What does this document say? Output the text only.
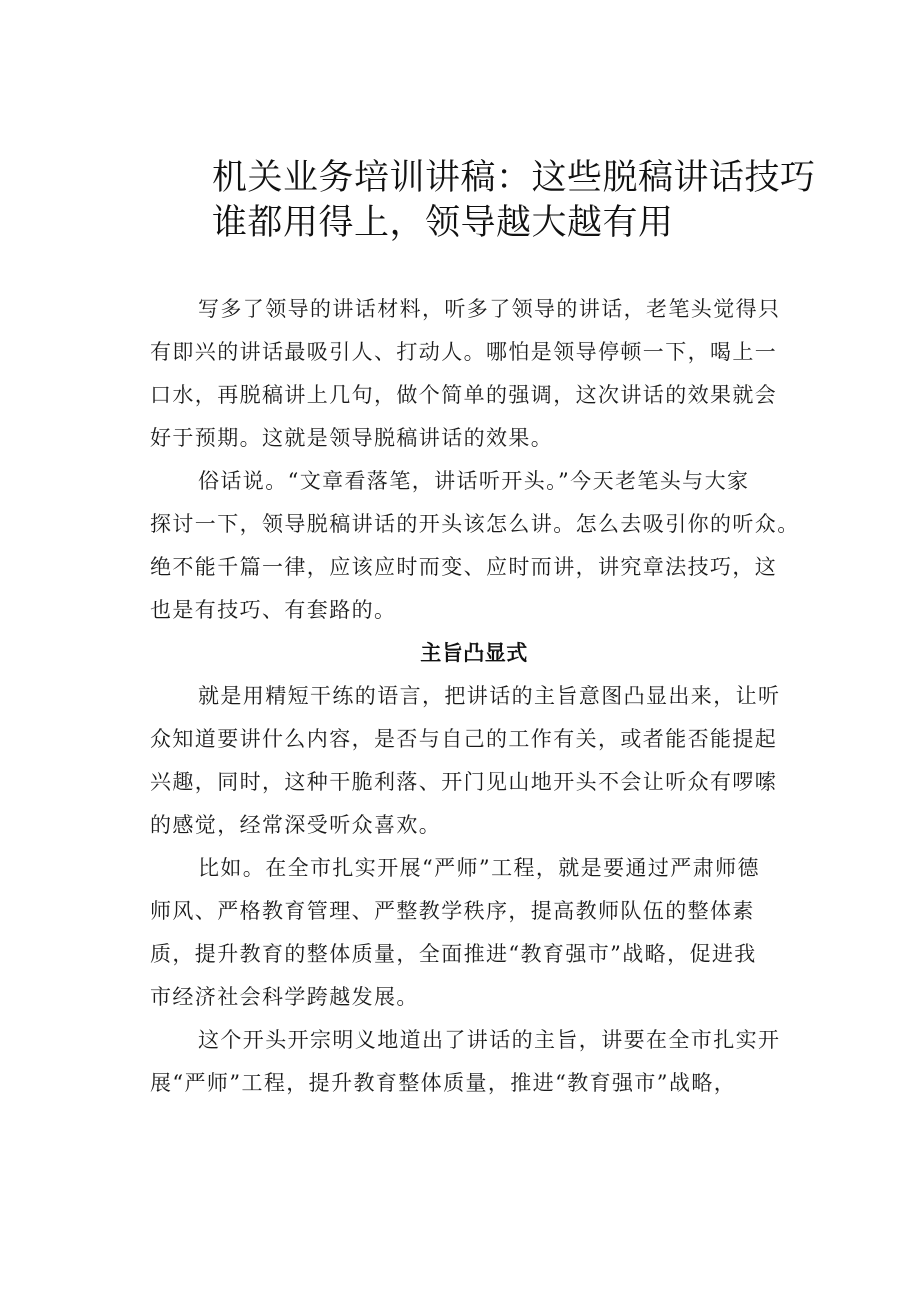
机关业务培训讲稿：这些脱稿讲话技巧
谁都用得上，领导越大越有用

写多了领导的讲话材料，听多了领导的讲话，老笔头觉得只
有即兴的讲话最吸引人、打动人。哪怕是领导停顿一下，喝上一
口水，再脱稿讲上几句，做个简单的强调，这次讲话的效果就会
好于预期。这就是领导脱稿讲话的效果。

俗话说。“文章看落笔，讲话听开头。”今天老笔头与大家
探讨一下，领导脱稿讲话的开头该怎么讲。怎么去吸引你的听众。
绝不能千篇一律，应该应时而变、应时而讲，讲究章法技巧，这
也是有技巧、有套路的。

主旨凸显式

就是用精短干练的语言，把讲话的主旨意图凸显出来，让听
众知道要讲什么内容，是否与自己的工作有关，或者能否能提起
兴趣，同时，这种干脆利落、开门见山地开头不会让听众有啰嗦
的感觉，经常深受听众喜欢。

比如。在全市扎实开展“严师”工程，就是要通过严肃师德
师风、严格教育管理、严整教学秩序，提高教师队伍的整体素
质，提升教育的整体质量，全面推进“教育强市”战略，促进我
市经济社会科学跨越发展。

这个开头开宗明义地道出了讲话的主旨，讲要在全市扎实开
展“严师”工程，提升教育整体质量，推进“教育强市”战略，
